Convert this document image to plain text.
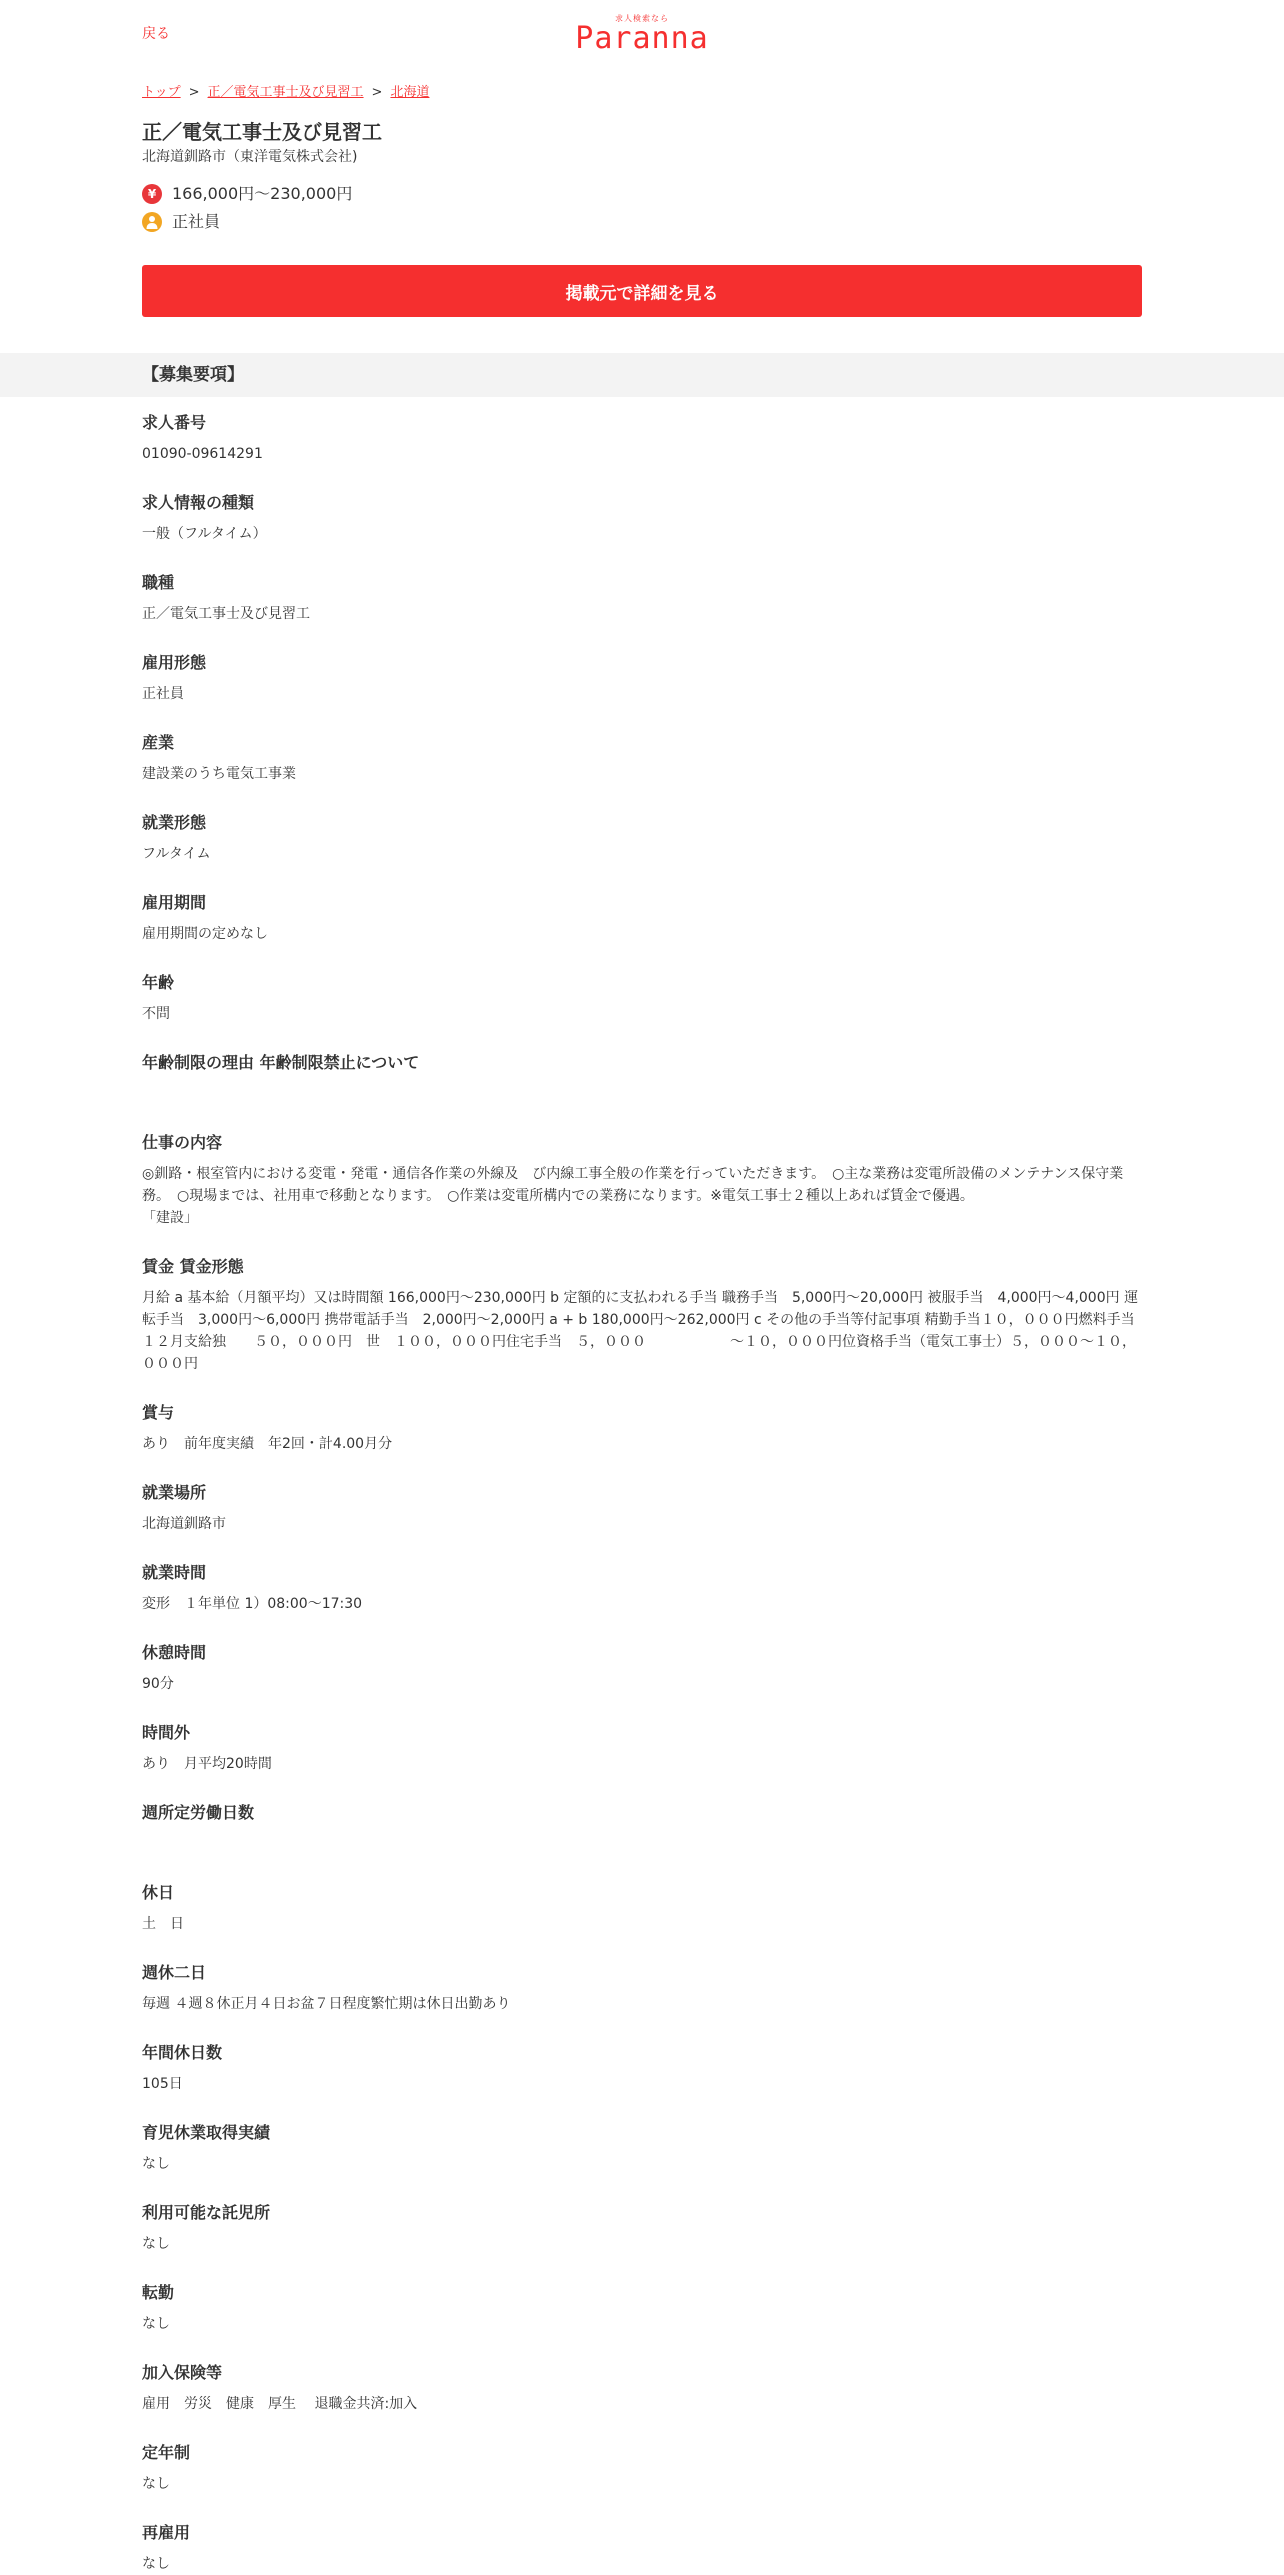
戻る
求人検索なら
Paranna
トップ > 正／電気工事士及び見習工 > 北海道
正／電気工事士及び見習工
北海道釧路市（東洋電気株式会社)
¥ 166,000円～230,000円
正社員
掲載元で詳細を見る
【募集要項】
求人番号
01090-09614291
求人情報の種類
一般（フルタイム）
職種
正／電気工事士及び見習工
雇用形態
正社員
産業
建設業のうち電気工事業
就業形態
フルタイム
雇用期間
雇用期間の定めなし
年齢
不問
年齢制限の理由 年齢制限禁止について
仕事の内容
◎釧路・根室管内における変電・発電・通信各作業の外線及　び内線工事全般の作業を行っていただきます。　○主な業務は変電所設備のメンテナンス保守業務。　○現場までは、社用車で移動となります。　○作業は変電所構内での業務になります。※電気工事士２種以上あれば賃金で優遇。
「建設」
賃金 賃金形態
月給 a 基本給（月額平均）又は時間額 166,000円～230,000円 b 定額的に支払われる手当 職務手当　5,000円～20,000円 被服手当　4,000円～4,000円 運転手当　3,000円～6,000円 携帯電話手当　2,000円～2,000円 a + b 180,000円～262,000円 c その他の手当等付記事項 精勤手当１０，０００円燃料手当１２月支給独　　５０，０００円　世　１００，０００円住宅手当　５，０００　　　　　　～１０，０００円位資格手当（電気工事士）５，０００～１０，０００円
賞与
あり　前年度実績　年2回・計4.00月分
就業場所
北海道釧路市
就業時間
変形　１年単位 1）08:00～17:30
休憩時間
90分
時間外
あり　月平均20時間
週所定労働日数
休日
土　日
週休二日
毎週 ４週８休正月４日お盆７日程度繁忙期は休日出勤あり
年間休日数
105日
育児休業取得実績
なし
利用可能な託児所
なし
転勤
なし
加入保険等
雇用　労災　健康　厚生　 退職金共済:加入
定年制
なし
再雇用
なし
